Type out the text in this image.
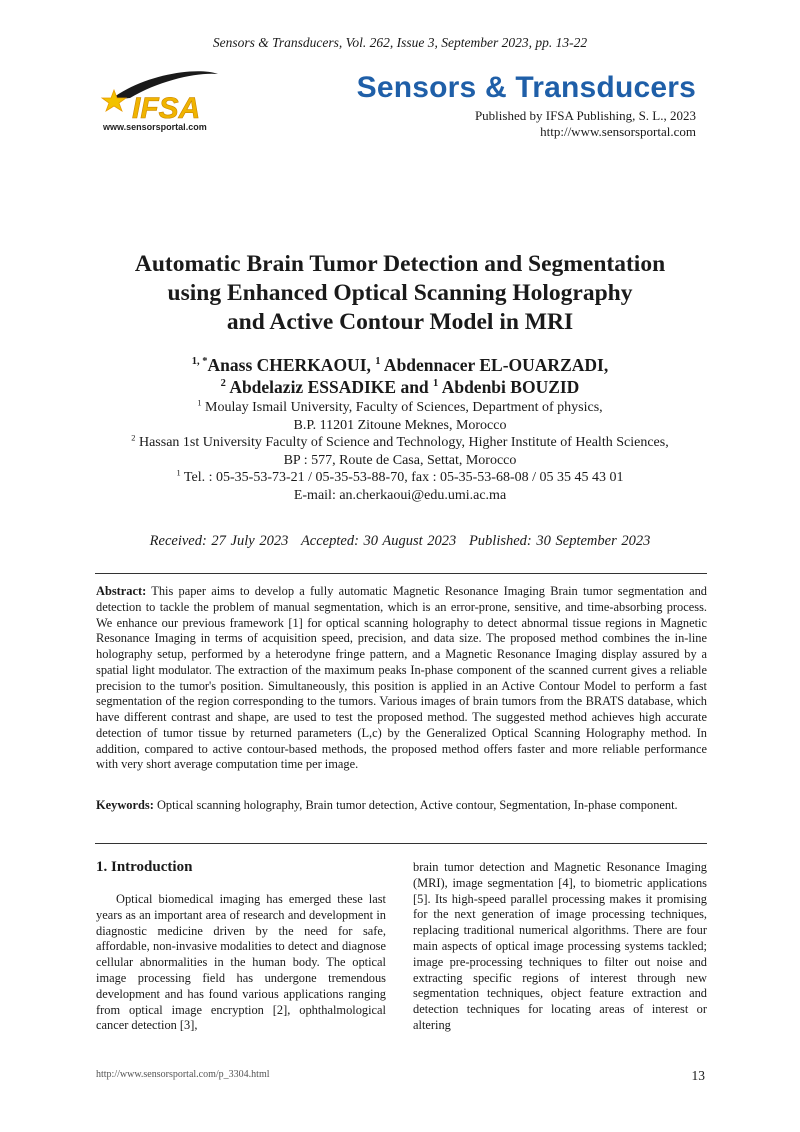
Sensors & Transducers, Vol. 262, Issue 3, September 2023, pp. 13-22
IFSA
www.sensorsportal.com
Sensors & Transducers
Published by IFSA Publishing, S. L., 2023
http://www.sensorsportal.com
Automatic Brain Tumor Detection and Segmentation
using Enhanced Optical Scanning Holography
and Active Contour Model in MRI
$^{1, *}$Anass CHERKAOUI, $^1$ Abdennacer EL-OUARZADI,
$^2$ Abdelaziz ESSADIKE and $^1$ Abdenbi BOUZID
$^1$ Moulay Ismail University, Faculty of Sciences, Department of physics,
B.P. 11201 Zitoune Meknes, Morocco
$^2$ Hassan 1st University Faculty of Science and Technology, Higher Institute of Health Sciences,
BP : 577, Route de Casa, Settat, Morocco
$^1$ Tel. : 05-35-53-73-21 / 05-35-53-88-70, fax : 05-35-53-68-08 / 05 35 45 43 01
E-mail: an.cherkaoui@edu.umi.ac.ma
Received: 27 July 2023 Accepted: 30 August 2023 Published: 30 September 2023
Abstract: This paper aims to develop a fully automatic Magnetic Resonance Imaging Brain tumor segmentation and detection to tackle the problem of manual segmentation, which is an error-prone, sensitive, and time-absorbing process. We enhance our previous framework [1] for optical scanning holography to detect abnormal tissue regions in Magnetic Resonance Imaging in terms of acquisition speed, precision, and data size. The proposed method combines the in-line holography setup, performed by a heterodyne fringe pattern, and a Magnetic Resonance Imaging display assured by a spatial light modulator. The extraction of the maximum peaks In-phase component of the scanned current gives a reliable precision to the tumor's position. Simultaneously, this position is applied in an Active Contour Model to perform a fast segmentation of the region corresponding to the tumors. Various images of brain tumors from the BRATS database, which have different contrast and shape, are used to test the proposed method. The suggested method achieves high accurate detection of tumor tissue by returned parameters (L,c) by the Generalized Optical Scanning Holography method. In addition, compared to active contour-based methods, the proposed method offers faster and more reliable performance with very short average computation time per image.
Keywords: Optical scanning holography, Brain tumor detection, Active contour, Segmentation, In-phase component.
1. Introduction

Optical biomedical imaging has emerged these last years as an important area of research and development in diagnostic medicine driven by the need for safe, affordable, non-invasive modalities to detect and diagnose cellular abnormalities in the human body. The optical image processing field has undergone tremendous development and has found various applications ranging from optical image encryption [2], ophthalmological cancer detection [3],

brain tumor detection and Magnetic Resonance Imaging (MRI), image segmentation [4], to biometric applications [5]. Its high-speed parallel processing makes it promising for the next generation of image processing techniques, replacing traditional numerical algorithms. There are four main aspects of optical image processing systems tackled; image pre-processing techniques to filter out noise and extracting specific regions of interest through new segmentation techniques, object feature extraction and detection techniques for locating areas of interest or altering

http://www.sensorsportal.com/p_3304.html	13
